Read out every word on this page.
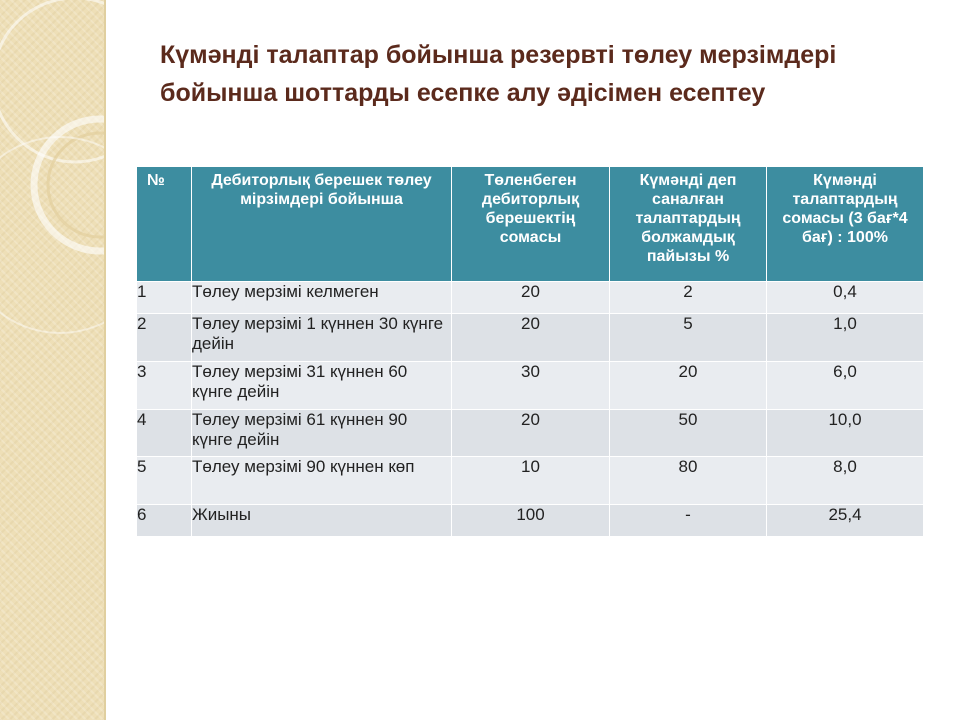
Күмәнді талаптар бойынша резервті төлеу мерзімдері бойынша шоттарды есепке алу әдісімен есептеу
№	Дебиторлық берешек төлеу мірзімдері бойынша	Төленбеген дебиторлық берешектің сомасы	Күмәнді деп саналған талаптардың болжамдық пайызы %	Күмәнді талаптардың сомасы (3 бағ*4 бағ) : 100%
1	Төлеу мерзімі келмеген	20	2	0,4
2	Төлеу мерзімі 1 күннен 30 күнге дейін	20	5	1,0
3	Төлеу мерзімі 31 күннен 60 күнге дейін	30	20	6,0
4	Төлеу мерзімі 61 күннен 90 күнге дейін	20	50	10,0
5	Төлеу мерзімі 90 күннен көп	10	80	8,0
6	Жиыны	100	-	25,4
